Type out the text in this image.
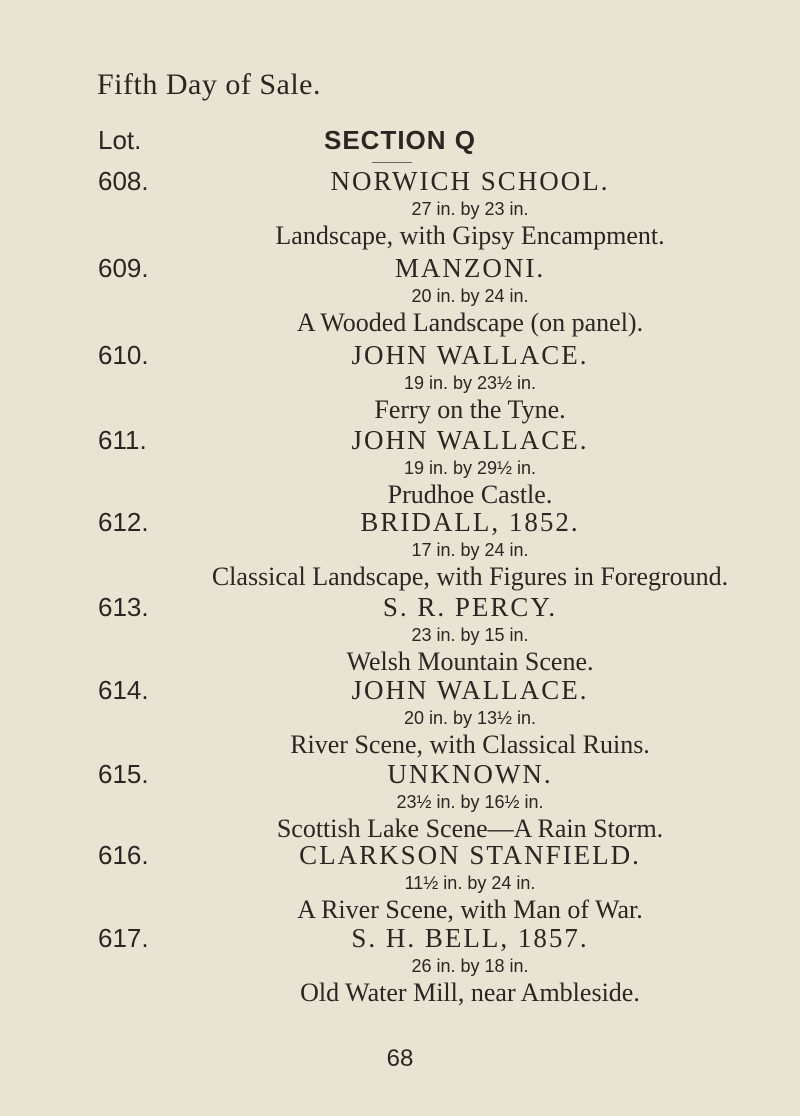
Fifth Day of Sale.
Lot.	SECTION Q
608.	NORWICH SCHOOL.
27 in. by 23 in.
Landscape, with Gipsy Encampment.
609.	MANZONI.
20 in. by 24 in.
A Wooded Landscape (on panel).
610.	JOHN WALLACE.
19 in. by 23½ in.
Ferry on the Tyne.
611.	JOHN WALLACE.
19 in. by 29½ in.
Prudhoe Castle.
612.	BRIDALL, 1852.
17 in. by 24 in.
Classical Landscape, with Figures in Foreground.
613.	S. R. PERCY.
23 in. by 15 in.
Welsh Mountain Scene.
614.	JOHN WALLACE.
20 in. by 13½ in.
River Scene, with Classical Ruins.
615.	UNKNOWN.
23½ in. by 16½ in.
Scottish Lake Scene—A Rain Storm.
616.	CLARKSON STANFIELD.
11½ in. by 24 in.
A River Scene, with Man of War.
617.	S. H. BELL, 1857.
26 in. by 18 in.
Old Water Mill, near Ambleside.
68
